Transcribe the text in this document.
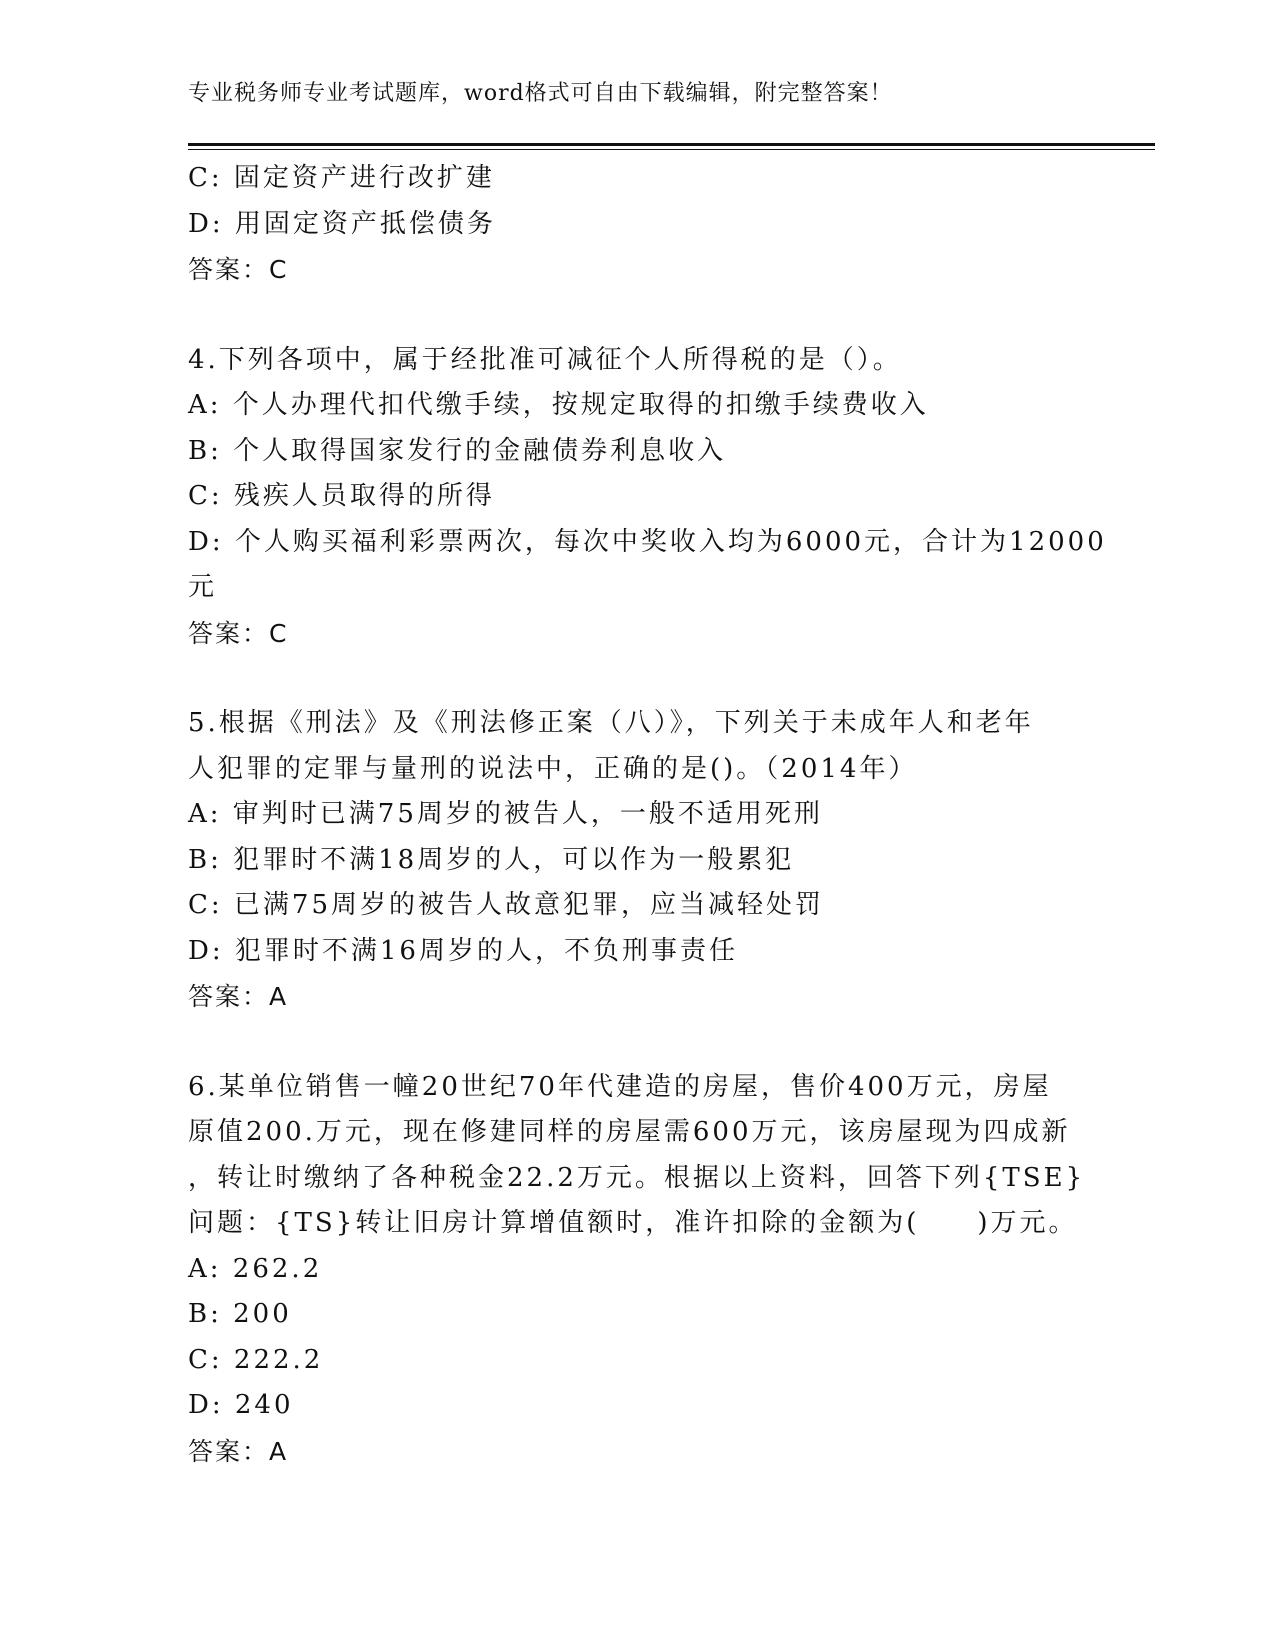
专业税务师专业考试题库，word格式可自由下载编辑，附完整答案！
C: 固定资产进行改扩建
D: 用固定资产抵偿债务
答案：C
4.下列各项中，属于经批准可减征个人所得税的是（）。
A: 个人办理代扣代缴手续，按规定取得的扣缴手续费收入
B: 个人取得国家发行的金融债券利息收入
C: 残疾人员取得的所得
D: 个人购买福利彩票两次，每次中奖收入均为6000元，合计为12000
元
答案：C
5.根据《刑法》及《刑法修正案（八）》，下列关于未成年人和老年
人犯罪的定罪与量刑的说法中，正确的是()。（2014年）
A: 审判时已满75周岁的被告人，一般不适用死刑
B: 犯罪时不满18周岁的人，可以作为一般累犯
C: 已满75周岁的被告人故意犯罪，应当减轻处罚
D: 犯罪时不满16周岁的人，不负刑事责任
答案：A
6.某单位销售一幢20世纪70年代建造的房屋，售价400万元，房屋
原值200.万元，现在修建同样的房屋需600万元，该房屋现为四成新
，转让时缴纳了各种税金22.2万元。根据以上资料，回答下列{TSE}
问题：{TS}转让旧房计算增值额时，准许扣除的金额为(　　)万元。
A: 262.2
B: 200
C: 222.2
D: 240
答案：A
